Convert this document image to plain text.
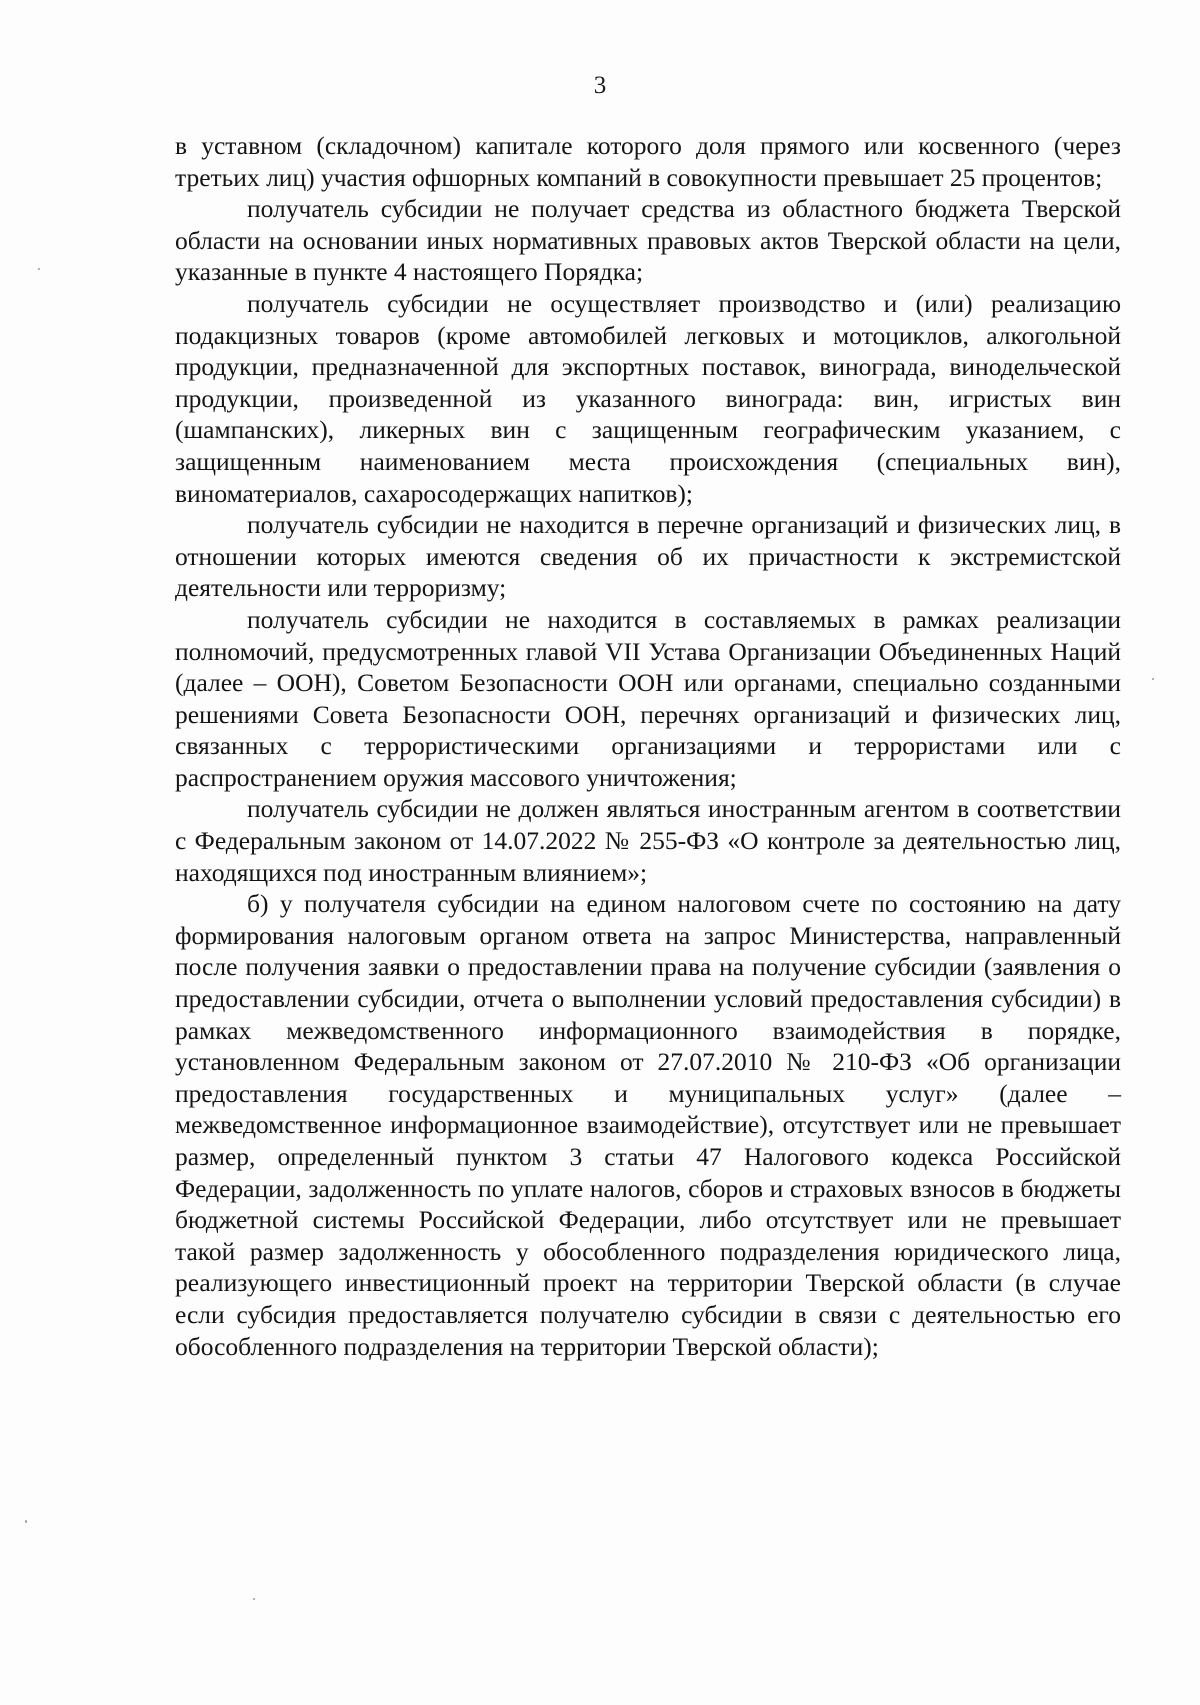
3

в уставном (складочном) капитале которого доля прямого или косвенного (через третьих лиц) участия офшорных компаний в совокупности превышает 25 процентов;

получатель субсидии не получает средства из областного бюджета Тверской области на основании иных нормативных правовых актов Тверской области на цели, указанные в пункте 4 настоящего Порядка;

получатель субсидии не осуществляет производство и (или) реализацию подакцизных товаров (кроме автомобилей легковых и мотоциклов, алкогольной продукции, предназначенной для экспортных поставок, винограда, винодельческой продукции, произведенной из указанного винограда: вин, игристых вин (шампанских), ликерных вин с защищенным географическим указанием, с защищенным наименованием места происхождения (специальных вин), виноматериалов, сахаросодержащих напитков);

получатель субсидии не находится в перечне организаций и физических лиц, в отношении которых имеются сведения об их причастности к экстремистской деятельности или терроризму;

получатель субсидии не находится в составляемых в рамках реализации полномочий, предусмотренных главой VII Устава Организации Объединенных Наций (далее – ООН), Советом Безопасности ООН или органами, специально созданными решениями Совета Безопасности ООН, перечнях организаций и физических лиц, связанных с террористическими организациями и террористами или с распространением оружия массового уничтожения;

получатель субсидии не должен являться иностранным агентом в соответствии с Федеральным законом от 14.07.2022 № 255-ФЗ «О контроле за деятельностью лиц, находящихся под иностранным влиянием»;

б) у получателя субсидии на едином налоговом счете по состоянию на дату формирования налоговым органом ответа на запрос Министерства, направленный после получения заявки о предоставлении права на получение субсидии (заявления о предоставлении субсидии, отчета о выполнении условий предоставления субсидии) в рамках межведомственного информационного взаимодействия в порядке, установленном Федеральным законом от 27.07.2010 № 210-ФЗ «Об организации предоставления государственных и муниципальных услуг» (далее – межведомственное информационное взаимодействие), отсутствует или не превышает размер, определенный пунктом 3 статьи 47 Налогового кодекса Российской Федерации, задолженность по уплате налогов, сборов и страховых взносов в бюджеты бюджетной системы Российской Федерации, либо отсутствует или не превышает такой размер задолженность у обособленного подразделения юридического лица, реализующего инвестиционный проект на территории Тверской области (в случае если субсидия предоставляется получателю субсидии в связи с деятельностью его обособленного подразделения на территории Тверской области);
